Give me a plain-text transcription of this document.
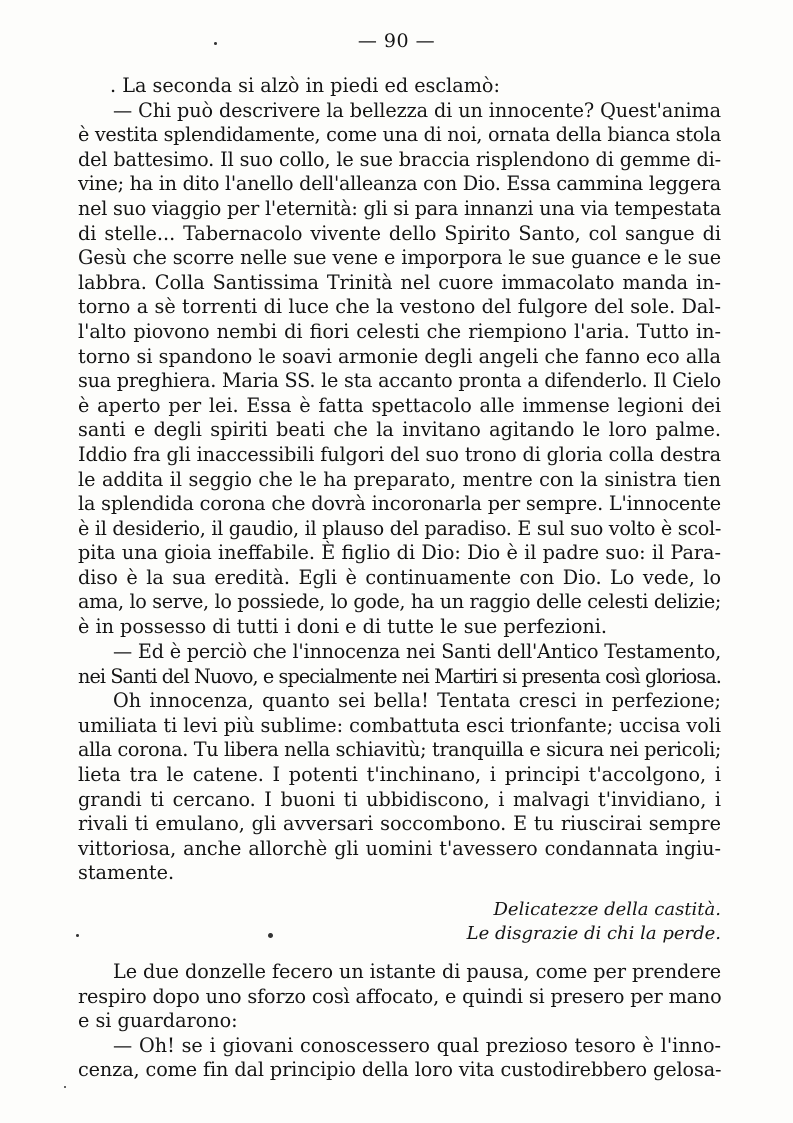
— 90 —
. La seconda si alzò in piedi ed esclamò:
— Chi può descrivere la bellezza di un innocente? Quest'anima
è vestita splendidamente, come una di noi, ornata della bianca stola
del battesimo. Il suo collo, le sue braccia risplendono di gemme di-
vine; ha in dito l'anello dell'alleanza con Dio. Essa cammina leggera
nel suo viaggio per l'eternità: gli si para innanzi una via tempestata
di stelle... Tabernacolo vivente dello Spirito Santo, col sangue di
Gesù che scorre nelle sue vene e imporpora le sue guance e le sue
labbra. Colla Santissima Trinità nel cuore immacolato manda in-
torno a sè torrenti di luce che la vestono del fulgore del sole. Dal-
l'alto piovono nembi di fiori celesti che riempiono l'aria. Tutto in-
torno si spandono le soavi armonie degli angeli che fanno eco alla
sua preghiera. Maria SS. le sta accanto pronta a difenderlo. Il Cielo
è aperto per lei. Essa è fatta spettacolo alle immense legioni dei
santi e degli spiriti beati che la invitano agitando le loro palme.
Iddio fra gli inaccessibili fulgori del suo trono di gloria colla destra
le addita il seggio che le ha preparato, mentre con la sinistra tien
la splendida corona che dovrà incoronarla per sempre. L'innocente
è il desiderio, il gaudio, il plauso del paradiso. E sul suo volto è scol-
pita una gioia ineffabile. È figlio di Dio: Dio è il padre suo: il Para-
diso è la sua eredità. Egli è continuamente con Dio. Lo vede, lo
ama, lo serve, lo possiede, lo gode, ha un raggio delle celesti delizie;
è in possesso di tutti i doni e di tutte le sue perfezioni.
— Ed è perciò che l'innocenza nei Santi dell'Antico Testamento,
nei Santi del Nuovo, e specialmente nei Martiri si presenta così gloriosa.
Oh innocenza, quanto sei bella! Tentata cresci in perfezione;
umiliata ti levi più sublime: combattuta esci trionfante; uccisa voli
alla corona. Tu libera nella schiavitù; tranquilla e sicura nei pericoli;
lieta tra le catene. I potenti t'inchinano, i principi t'accolgono, i
grandi ti cercano. I buoni ti ubbidiscono, i malvagi t'invidiano, i
rivali ti emulano, gli avversari soccombono. E tu riuscirai sempre
vittoriosa, anche allorchè gli uomini t'avessero condannata ingiu-
stamente.
Delicatezze della castità.
Le disgrazie di chi la perde.
Le due donzelle fecero un istante di pausa, come per prendere
respiro dopo uno sforzo così affocato, e quindi si presero per mano
e si guardarono:
— Oh! se i giovani conoscessero qual prezioso tesoro è l'inno-
cenza, come fin dal principio della loro vita custodirebbero gelosa-
